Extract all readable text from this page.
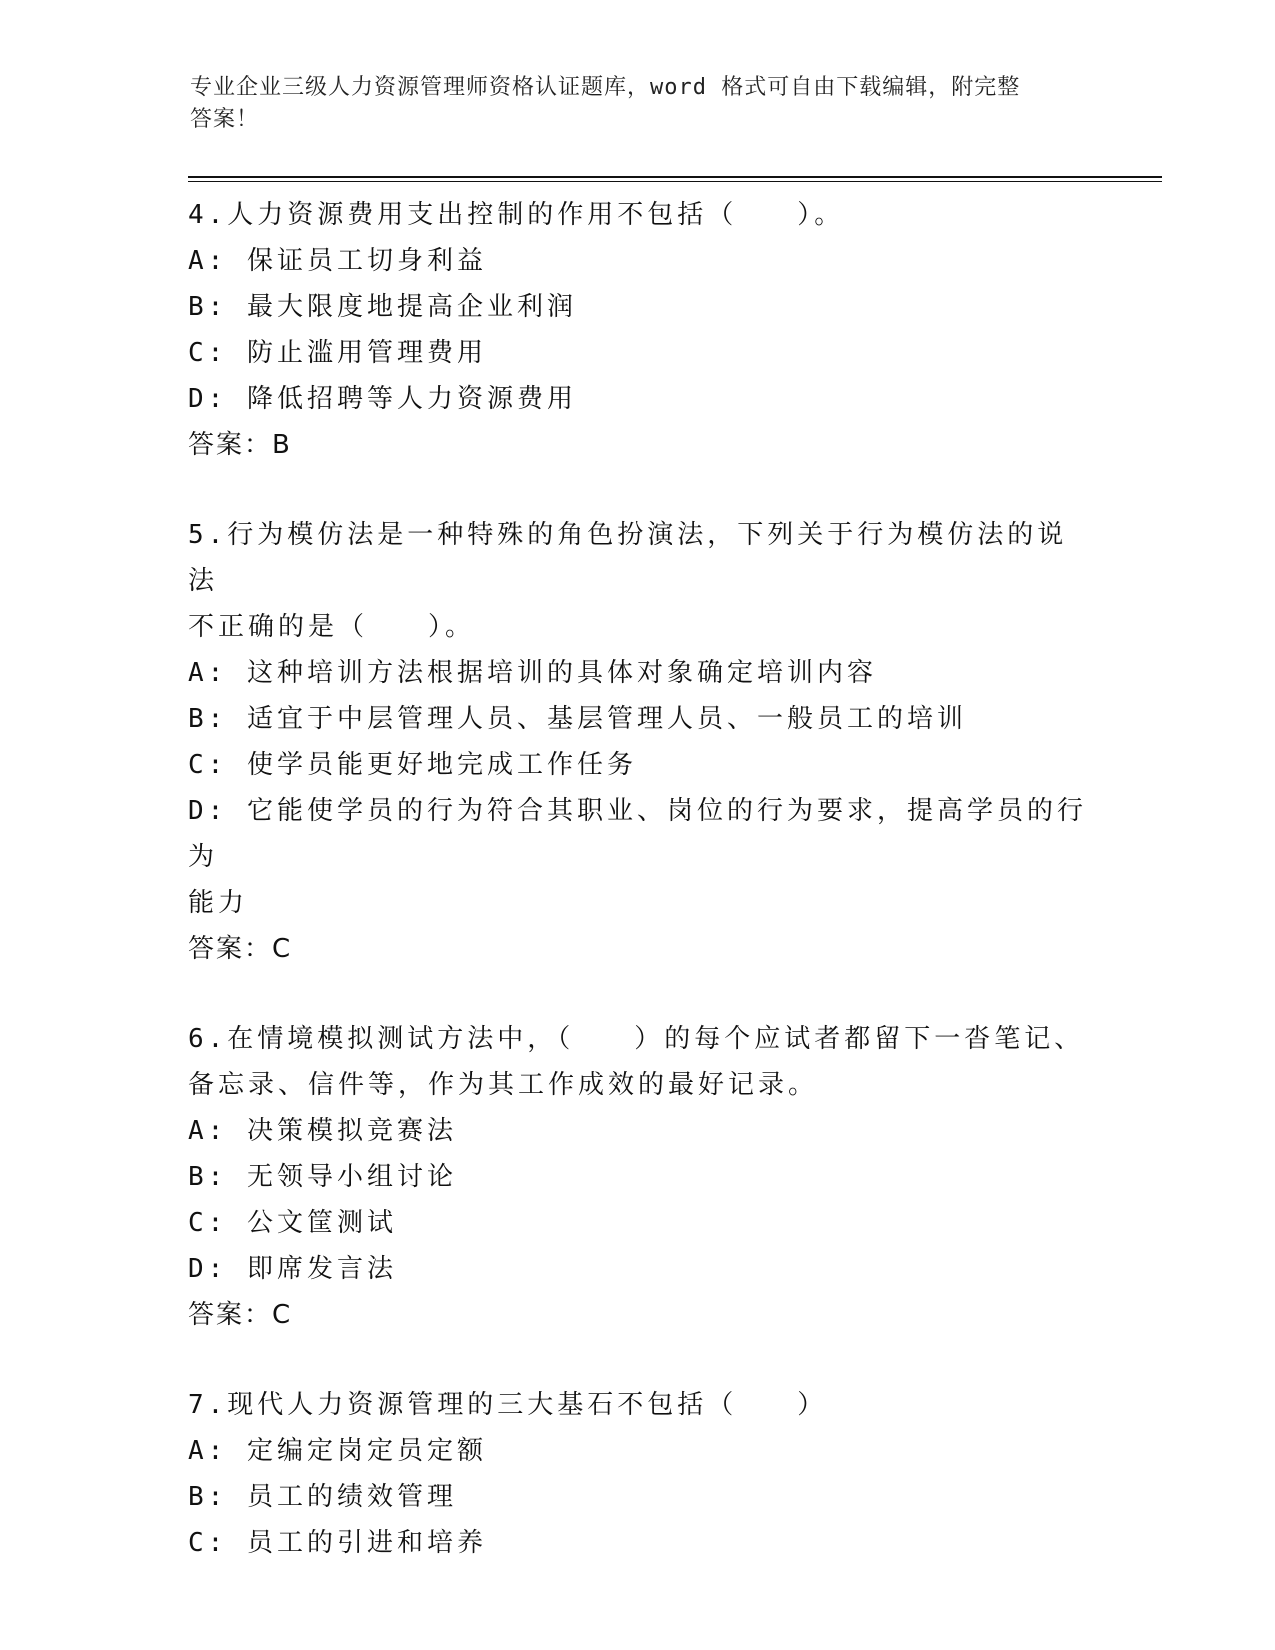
专业企业三级人力资源管理师资格认证题库，word 格式可自由下载编辑，附完整
答案！

4.人力资源费用支出控制的作用不包括（　　）。

A: 保证员工切身利益

B: 最大限度地提高企业利润

C: 防止滥用管理费用

D: 降低招聘等人力资源费用

答案：B

5.行为模仿法是一种特殊的角色扮演法，下列关于行为模仿法的说法

不正确的是（　　）。

A: 这种培训方法根据培训的具体对象确定培训内容

B: 适宜于中层管理人员、基层管理人员、一般员工的培训

C: 使学员能更好地完成工作任务

D: 它能使学员的行为符合其职业、岗位的行为要求，提高学员的行为

能力

答案：C

6.在情境模拟测试方法中，（　　）的每个应试者都留下一沓笔记、

备忘录、信件等，作为其工作成效的最好记录。

A: 决策模拟竞赛法

B: 无领导小组讨论

C: 公文筐测试

D: 即席发言法

答案：C

7.现代人力资源管理的三大基石不包括（　　）

A: 定编定岗定员定额

B: 员工的绩效管理

C: 员工的引进和培养
